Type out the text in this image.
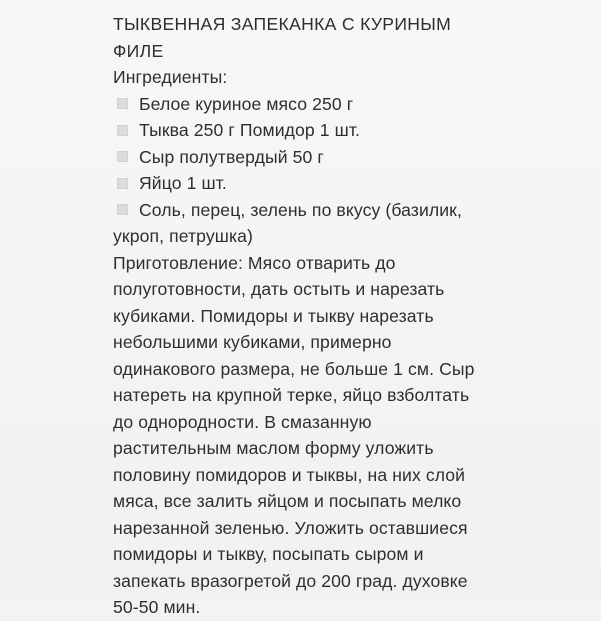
ТЫКВЕННАЯ ЗАПЕКАНКА С КУРИНЫМ
ФИЛЕ
Ингредиенты:
Белое куриное мясо 250 г
Тыква 250 г Помидор 1 шт.
Сыр полутвердый 50 г
Яйцо 1 шт.
Соль, перец, зелень по вкусу (базилик,
укроп, петрушка)
Приготовление: Мясо отварить до
полуготовности, дать остыть и нарезать
кубиками. Помидоры и тыкву нарезать
небольшими кубиками, примерно
одинакового размера, не больше 1 см. Сыр
натереть на крупной терке, яйцо взболтать
до однородности. В смазанную
растительным маслом форму уложить
половину помидоров и тыквы, на них слой
мяса, все залить яйцом и посыпать мелко
нарезанной зеленью. Уложить оставшиеся
помидоры и тыкву, посыпать сыром и
запекать вразогретой до 200 град. духовке
50-50 мин.
